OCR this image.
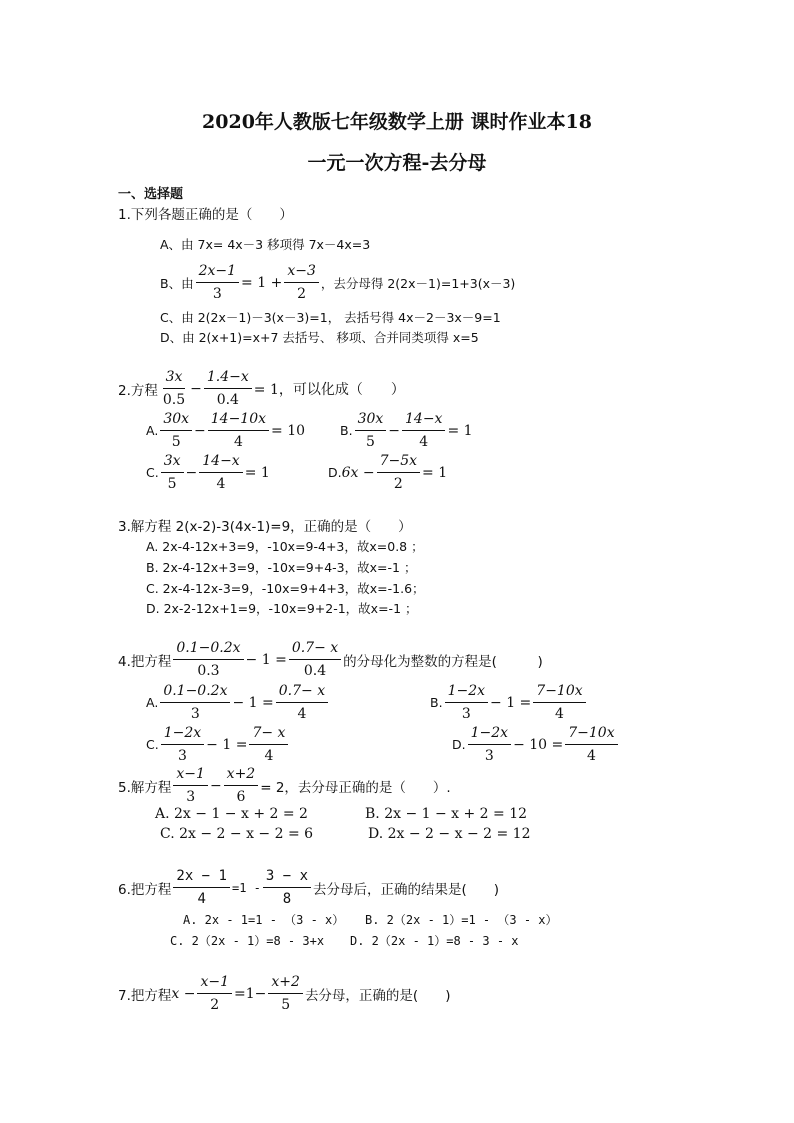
2020年人教版七年级数学上册 课时作业本18
一元一次方程-去分母
一、选择题
1.下列各题正确的是（　　）
A、由 7x= 4x－3 移项得 7x－4x=3
B、由 $\frac{2x-1}{3} = 1 + \frac{x-3}{2}$ ，去分母得 2(2x－1)=1+3(x－3)
C、由 2(2x－1)－3(x－3)=1， 去括号得 4x－2－3x－9=1
D、由 2(x+1)=x+7 去括号、 移项、合并同类项得 x=5
2.方程 $\frac{3x}{0.5} - \frac{1.4-x}{0.4} = 1$，可以化成（　　）
A. $\frac{30x}{5} - \frac{14-10x}{4} = 10$	B. $\frac{30x}{5} - \frac{14-x}{4} = 1$
C. $\frac{3x}{5} - \frac{14-x}{4} = 1$	D. $6x - \frac{7-5x}{2} = 1$
3.解方程 2(x-2)-3(4x-1)=9，正确的是（　　）
A. 2x-4-12x+3=9，-10x=9-4+3，故x=0.8 ；
B. 2x-4-12x+3=9，-10x=9+4-3，故x=-1 ；
C. 2x-4-12x-3=9，-10x=9+4+3，故x=-1.6；
D. 2x-2-12x+1=9，-10x=9+2-1，故x=-1 ；
4.把方程 $\frac{0.1-0.2x}{0.3} - 1 = \frac{0.7- x}{0.4}$ 的分母化为整数的方程是(　　　)
A. $\frac{0.1-0.2x}{3} - 1 = \frac{0.7- x}{4}$	B. $\frac{1-2x}{3} - 1 = \frac{7-10x}{4}$
C. $\frac{1-2x}{3} - 1 = \frac{7- x}{4}$	D. $\frac{1-2x}{3} - 10 = \frac{7-10x}{4}$
5.解方程 $\frac{x-1}{3} - \frac{x+2}{6} = 2$，去分母正确的是（　　）.
A. 2x − 1 − x + 2 = 2	B. 2x − 1 − x + 2 = 12
C. 2x − 2 − x − 2 = 6	D. 2x − 2 − x − 2 = 12
6.把方程 $\frac{2x - 1}{4} =1 - \frac{3 - x}{8}$ 去分母后，正确的结果是(　　)
A. 2x - 1=1 - （3 - x） B. 2（2x - 1）=1 - （3 - x）
C. 2（2x - 1）=8 - 3+x D. 2（2x - 1）=8 - 3 - x
7.把方程 $x - \frac{x-1}{2} =1- \frac{x+2}{5}$ 去分母，正确的是(　　)
